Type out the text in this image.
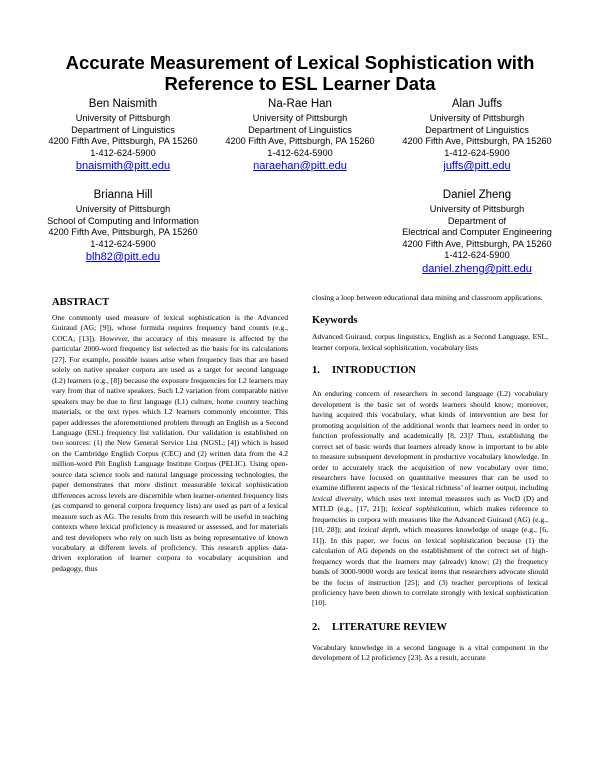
Accurate Measurement of Lexical Sophistication with
Reference to ESL Learner Data
Ben Naismith
University of Pittsburgh
Department of Linguistics
4200 Fifth Ave, Pittsburgh, PA 15260
1-412-624-5900
bnaismith@pitt.edu
Na-Rae Han
University of Pittsburgh
Department of Linguistics
4200 Fifth Ave, Pittsburgh, PA 15260
1-412-624-5900
naraehan@pitt.edu
Alan Juffs
University of Pittsburgh
Department of Linguistics
4200 Fifth Ave, Pittsburgh, PA 15260
1-412-624-5900
juffs@pitt.edu
Brianna Hill
University of Pittsburgh
School of Computing and Information
4200 Fifth Ave, Pittsburgh, PA 15260
1-412-624-5900
blh82@pitt.edu
Daniel Zheng
University of Pittsburgh
Department of
Electrical and Computer Engineering
4200 Fifth Ave, Pittsburgh, PA 15260
1-412-624-5900
daniel.zheng@pitt.edu
ABSTRACT

One commonly used measure of lexical sophistication is the Advanced Guiraud (AG; [9]), whose formula requires frequency band counts (e.g., COCA; [13]). However, the accuracy of this measure is affected by the particular 2000-word frequency list selected as the basis for its calculations [27]. For example, possible issues arise when frequency lists that are based solely on native speaker corpora are used as a target for second language (L2) learners (e.g., [8]) because the exposure frequencies for L2 learners may vary from that of native speakers. Such L2 variation from comparable native speakers may be due to first language (L1) culture, home country teaching materials, or the text types which L2 learners commonly encounter. This paper addresses the aforementioned problem through an English as a Second Language (ESL) frequency list validation. Our validation is established on two sources: (1) the New General Service List (NGSL; [4]) which is based on the Cambridge English Corpus (CEC) and (2) written data from the 4.2 million-word Pitt English Language Institute Corpus (PELIC). Using open-source data science tools and natural language processing technologies, the paper demonstrates that more distinct measurable lexical sophistication differences across levels are discernible when learner-oriented frequency lists (as compared to general corpora frequency lists) are used as part of a lexical measure such as AG. The results from this research will be useful in teaching contexts where lexical proficiency is measured or assessed, and for materials and test developers who rely on such lists as being representative of known vocabulary at different levels of proficiency. This research applies data-driven exploration of learner corpora to vocabulary acquisition and pedagogy, thus

closing a loop between educational data mining and classroom applications.

Keywords

Advanced Guiraud, corpus linguistics, English as a Second Language, ESL, learner corpora, lexical sophistication, vocabulary lists

1. INTRODUCTION

An enduring concern of researchers in second language (L2) vocabulary development is the basic set of words learners should know; moreover, having acquired this vocabulary, what kinds of intervention are best for promoting acquisition of the additional words that learners need in order to function professionally and academically [8, 23]? Thus, establishing the correct set of basic words that learners already know is important to be able to measure subsequent development in productive vocabulary knowledge. In order to accurately track the acquisition of new vocabulary over time, researchers have focused on quantitative measures that can be used to examine different aspects of the ‘lexical richness’ of learner output, including lexical diversity, which uses text internal measures such as VocD (D) and MTLD (e.g., [17, 21]); lexical sophistication, which makes reference to frequencies in corpora with measures like the Advanced Guiraud (AG) (e.g., [10, 28]); and lexical depth, which measures knowledge of usage (e.g., [6, 11]). In this paper, we focus on lexical sophistication because (1) the calculation of AG depends on the establishment of the correct set of high-frequency words that the learners may (already) know; (2) the frequency bands of 3000-9000 words are lexical items that researchers advocate should be the focus of instruction [25]; and (3) teacher perceptions of lexical proficiency have been shown to correlate strongly with lexical sophistication [10].

2. LITERATURE REVIEW

Vocabulary knowledge in a second language is a vital component in the development of L2 proficiency [23]. As a result, accurate
